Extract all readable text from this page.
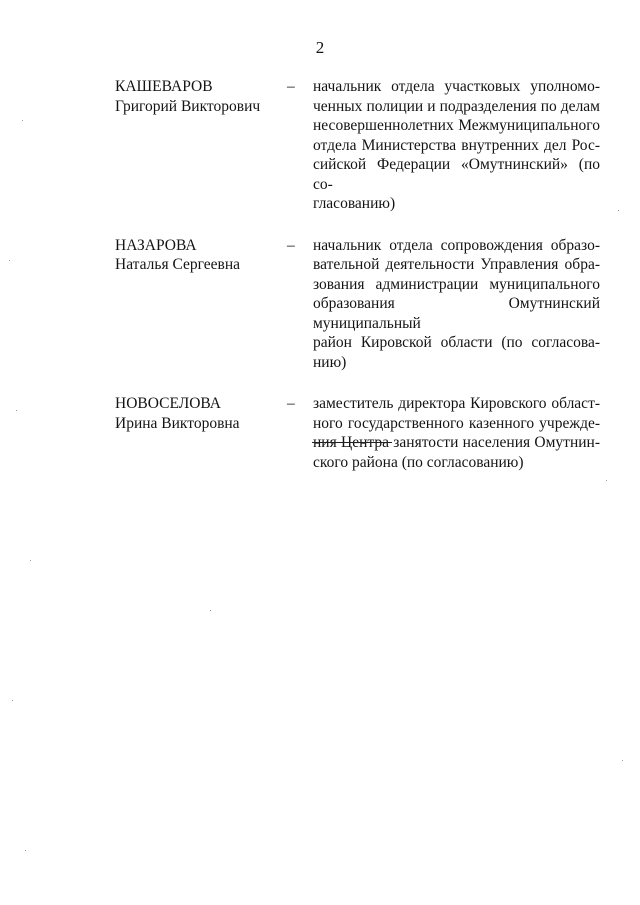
2
КАШЕВАРОВ
Григорий Викторович
– начальник отдела участковых уполномо-
ченных полиции и подразделения по делам
несовершеннолетних Межмуниципального
отдела Министерства внутренних дел Рос-
сийской Федерации «Омутнинский» (по со-
гласованию)
НАЗАРОВА
Наталья Сергеевна
– начальник отдела сопровождения образо-
вательной деятельности Управления обра-
зования администрации муниципального
образования Омутнинский муниципальный
район Кировской области (по согласова-
нию)
НОВОСЕЛОВА
Ирина Викторовна
– заместитель директора Кировского област-
ного государственного казенного учрежде-
ния Центра занятости населения Омутнин-
ского района (по согласованию)
